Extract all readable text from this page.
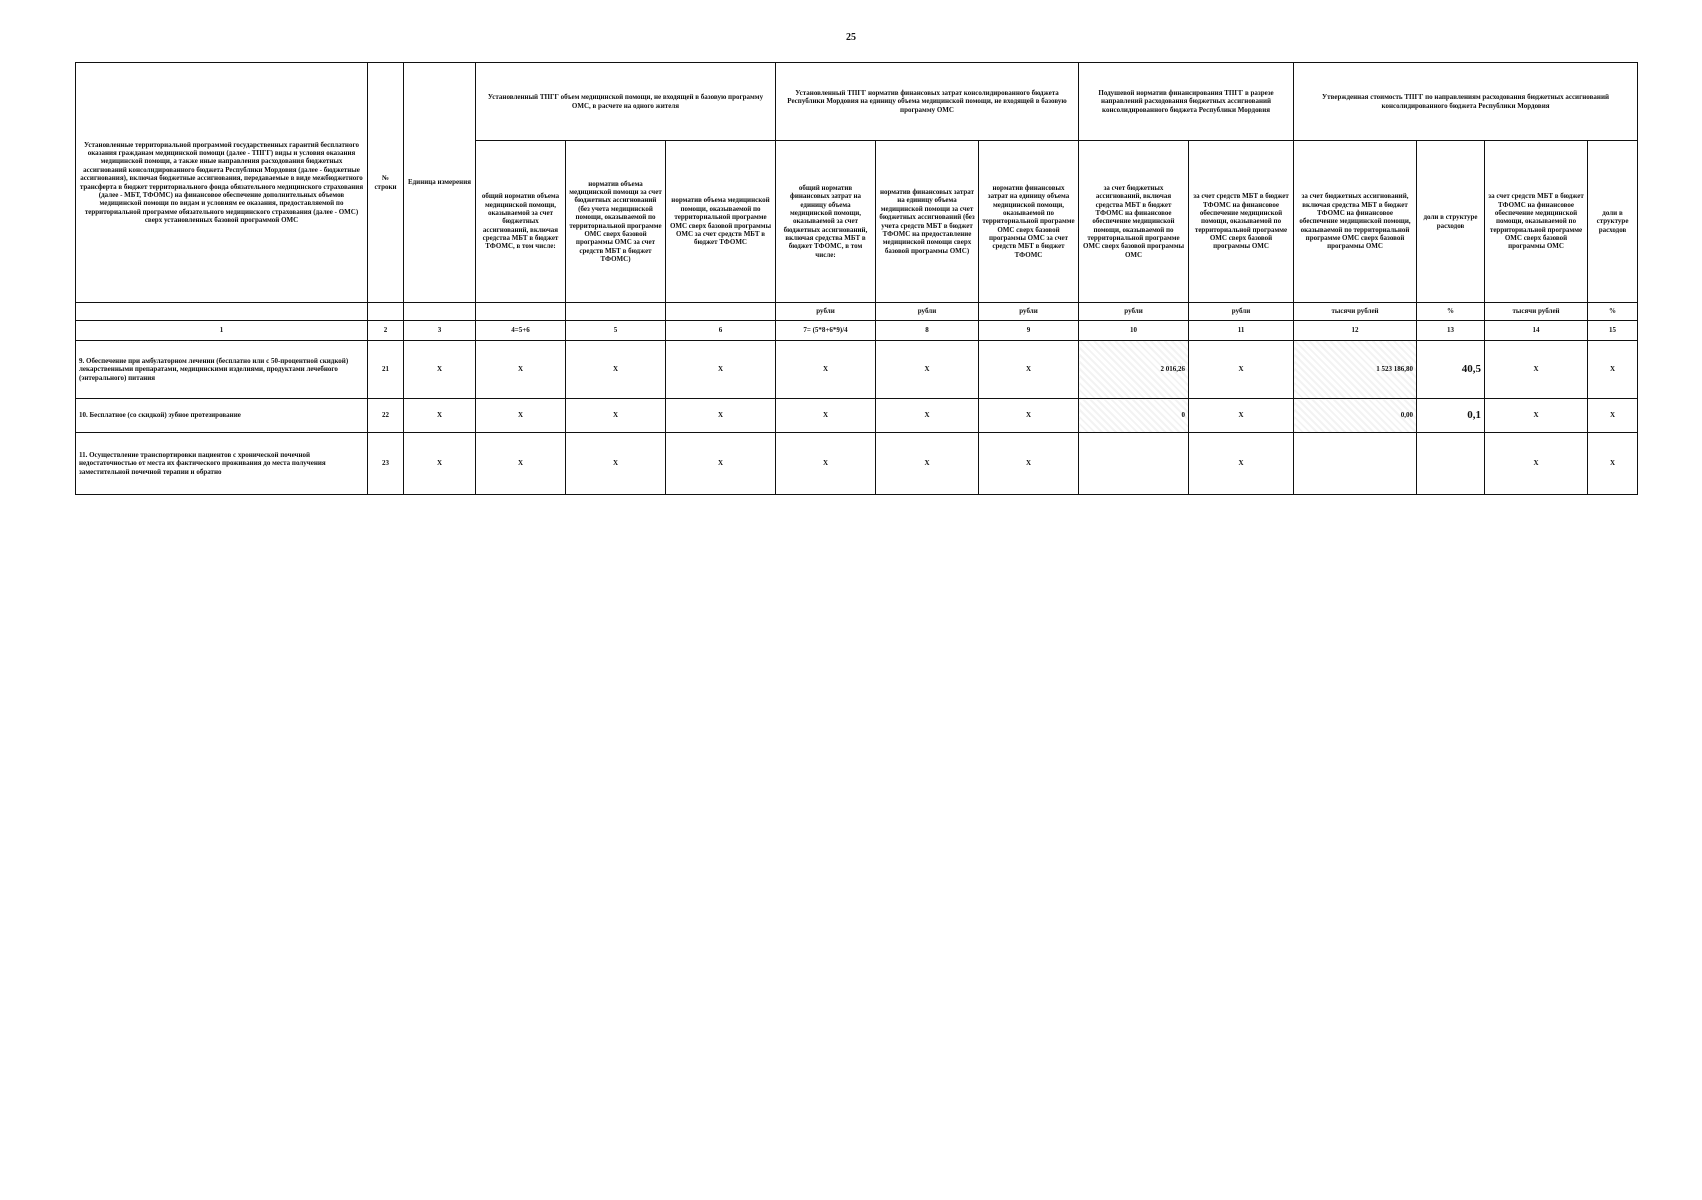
25
Установленные территориальной программой государственных гарантий бесплатного оказания гражданам медицинской помощи (далее - ТПГГ) виды и условия оказания медицинской помощи, а также иные направления расходования бюджетных ассигнований консолидированного бюджета Республики Мордовия (далее - бюджетные ассигнования), включая бюджетные ассигнования, передаваемые в виде межбюджетного трансферта в бюджет территориального фонда обязательного медицинского страхования (далее - МБТ, ТФОМС) на финансовое обеспечение дополнительных объемов медицинской помощи по видам и условиям ее оказания, предоставляемой по территориальной программе обязательного медицинского страхования (далее - ОМС) сверх установленных базовой программой ОМС	№ строки	Единица измерения	Установленный ТПГГ объем медицинской помощи, не входящей в базовую программу ОМС, в расчете на одного жителя			Установленный ТПГГ норматив финансовых затрат консолидированного бюджета Республики Мордовия на единицу объема медицинской помощи, не входящей в базовую программу ОМС			Подушевой норматив финансирования ТПГГ в разрезе направлений расходования бюджетных ассигнований консолидированного бюджета Республики Мордовия		Утвержденная стоимость ТПГГ по направлениям расходования бюджетных ассигнований консолидированного бюджета Республики Мордовия			
			общий норматив объема медицинской помощи, оказываемой за счет бюджетных ассигнований, включая средства МБТ в бюджет ТФОМС, в том числе:	норматив объема медицинской помощи за счет бюджетных ассигнований (без учета медицинской помощи, оказываемой по территориальной программе ОМС сверх базовой программы ОМС за счет средств МБТ в бюджет ТФОМС)	норматив объема медицинской помощи, оказываемой по территориальной программе ОМС сверх базовой программы ОМС за счет средств МБТ в бюджет ТФОМС	общий норматив финансовых затрат на единицу объема медицинской помощи, оказываемой за счет бюджетных ассигнований, включая средства МБТ в бюджет ТФОМС, в том числе:	норматив финансовых затрат на единицу объема медицинской помощи за счет бюджетных ассигнований (без учета средств МБТ в бюджет ТФОМС на предоставление медицинской помощи сверх базовой программы ОМС)	норматив финансовых затрат на единицу объема медицинской помощи, оказываемой по территориальной программе ОМС сверх базовой программы ОМС за счет средств МБТ в бюджет ТФОМС	за счет бюджетных ассигнований, включая средства МБТ в бюджет ТФОМС на финансовое обеспечение медицинской помощи, оказываемой по территориальной программе ОМС сверх базовой программы ОМС	за счет средств МБТ в бюджет ТФОМС на финансовое обеспечение медицинской помощи, оказываемой по территориальной программе ОМС сверх базовой программы ОМС	за счет бюджетных ассигнований, включая средства МБТ в бюджет ТФОМС на финансовое обеспечение медицинской помощи, оказываемой по территориальной программе ОМС сверх базовой программы ОМС	доли в структуре расходов	за счет средств МБТ в бюджет ТФОМС на финансовое обеспечение медицинской помощи, оказываемой по территориальной программе ОМС сверх базовой программы ОМС	доли в структуре расходов
						рубли	рубли	рубли	рубли	рубли	тысячи рублей	%	тысячи рублей	%
1	2	3	4=5+6	5	6	7= (5*8+6*9)/4	8	9	10	11	12	13	14	15
9. Обеспечение при амбулаторном лечении (бесплатно или с 50-процентной скидкой) лекарственными препаратами, медицинскими изделиями, продуктами лечебного (энтерального) питания	21	X	X	X	X	X	X	X	2 016,26	X	1 523 186,80	40,5	X	X
10. Бесплатное (со скидкой) зубное протезирование	22	X	X	X	X	X	X	X	0	X	0,00	0,1	X	X
11. Осуществление транспортировки пациентов с хронической почечной недостаточностью от места их фактического проживания до места получения заместительной почечной терапии и обратно	23	X	X	X	X	X	X	X		X			X	X
